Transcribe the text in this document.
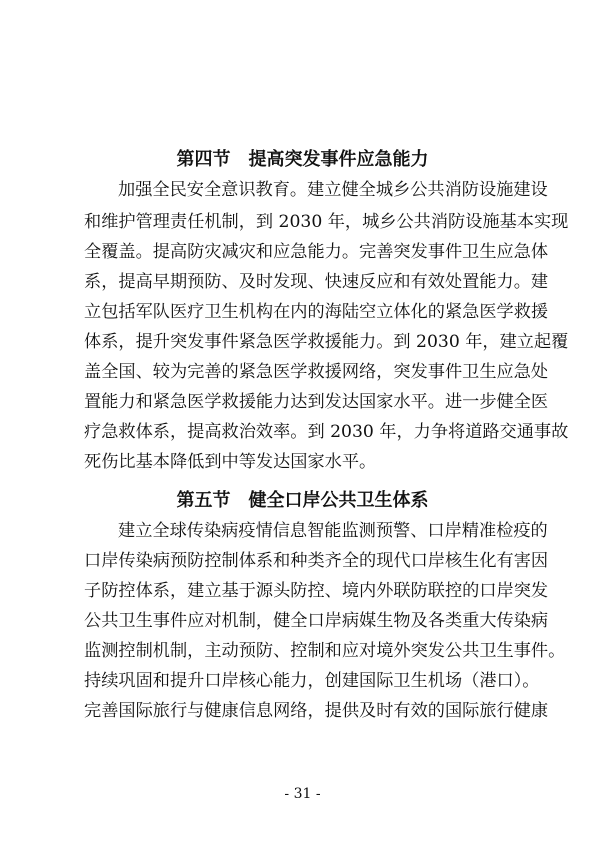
第四节　提高突发事件应急能力
加强全民安全意识教育。建立健全城乡公共消防设施建设
和维护管理责任机制，到 2030 年，城乡公共消防设施基本实现
全覆盖。提高防灾减灾和应急能力。完善突发事件卫生应急体
系，提高早期预防、及时发现、快速反应和有效处置能力。建
立包括军队医疗卫生机构在内的海陆空立体化的紧急医学救援
体系，提升突发事件紧急医学救援能力。到 2030 年，建立起覆
盖全国、较为完善的紧急医学救援网络，突发事件卫生应急处
置能力和紧急医学救援能力达到发达国家水平。进一步健全医
疗急救体系，提高救治效率。到 2030 年，力争将道路交通事故
死伤比基本降低到中等发达国家水平。
第五节　健全口岸公共卫生体系
建立全球传染病疫情信息智能监测预警、口岸精准检疫的
口岸传染病预防控制体系和种类齐全的现代口岸核生化有害因
子防控体系，建立基于源头防控、境内外联防联控的口岸突发
公共卫生事件应对机制，健全口岸病媒生物及各类重大传染病
监测控制机制，主动预防、控制和应对境外突发公共卫生事件。
持续巩固和提升口岸核心能力，创建国际卫生机场（港口）。
完善国际旅行与健康信息网络，提供及时有效的国际旅行健康
- 31 -
